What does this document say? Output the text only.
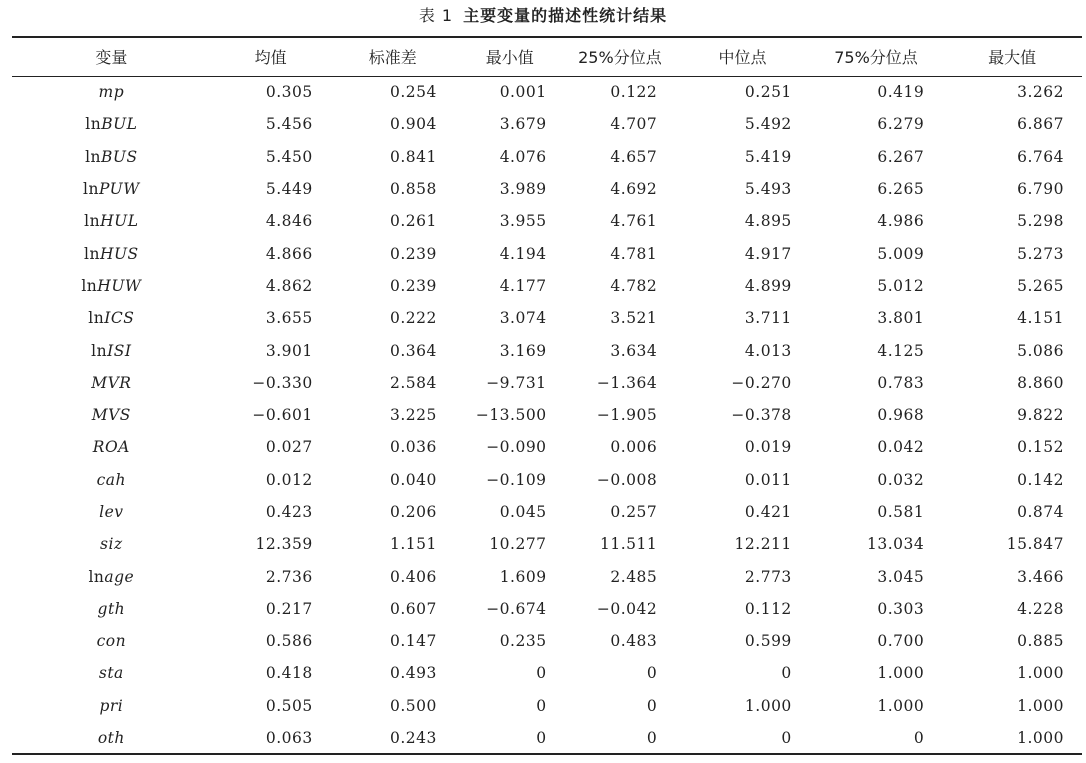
表 1 主要变量的描述性统计结果
变量	均值	标准差	最小值	25%分位点	中位点	75%分位点	最大值
mp	0.305	0.254	0.001	0.122	0.251	0.419	3.262
lnBUL	5.456	0.904	3.679	4.707	5.492	6.279	6.867
lnBUS	5.450	0.841	4.076	4.657	5.419	6.267	6.764
lnPUW	5.449	0.858	3.989	4.692	5.493	6.265	6.790
lnHUL	4.846	0.261	3.955	4.761	4.895	4.986	5.298
lnHUS	4.866	0.239	4.194	4.781	4.917	5.009	5.273
lnHUW	4.862	0.239	4.177	4.782	4.899	5.012	5.265
lnICS	3.655	0.222	3.074	3.521	3.711	3.801	4.151
lnISI	3.901	0.364	3.169	3.634	4.013	4.125	5.086
MVR	−0.330	2.584	−9.731	−1.364	−0.270	0.783	8.860
MVS	−0.601	3.225	−13.500	−1.905	−0.378	0.968	9.822
ROA	0.027	0.036	−0.090	0.006	0.019	0.042	0.152
cah	0.012	0.040	−0.109	−0.008	0.011	0.032	0.142
lev	0.423	0.206	0.045	0.257	0.421	0.581	0.874
siz	12.359	1.151	10.277	11.511	12.211	13.034	15.847
lnage	2.736	0.406	1.609	2.485	2.773	3.045	3.466
gth	0.217	0.607	−0.674	−0.042	0.112	0.303	4.228
con	0.586	0.147	0.235	0.483	0.599	0.700	0.885
sta	0.418	0.493	0	0	0	1.000	1.000
pri	0.505	0.500	0	0	1.000	1.000	1.000
oth	0.063	0.243	0	0	0	0	1.000
